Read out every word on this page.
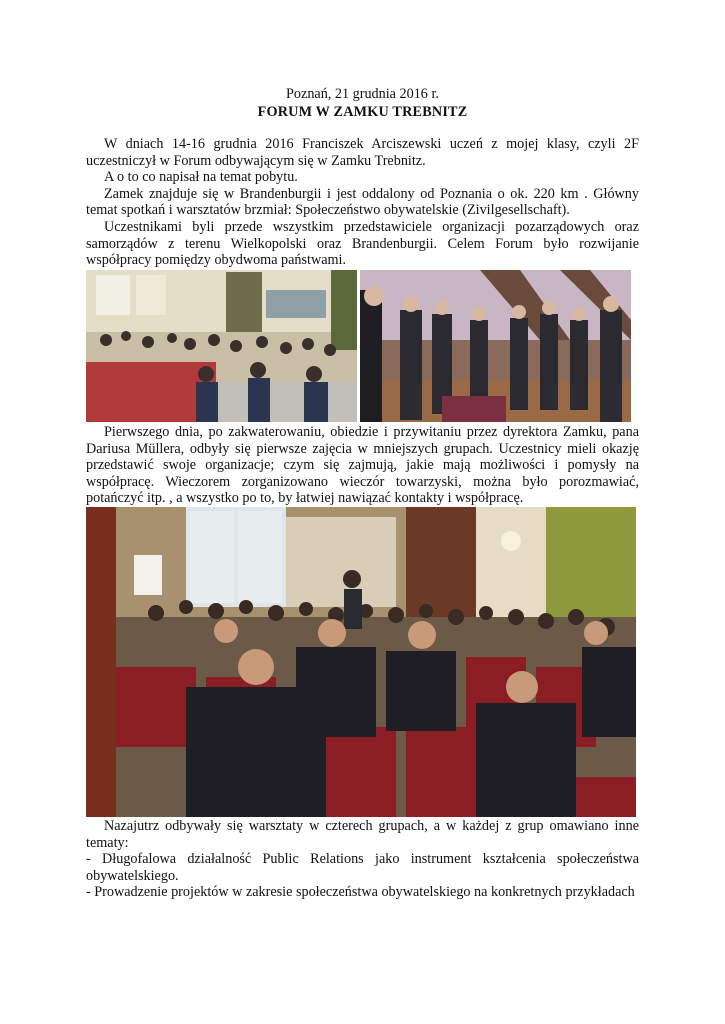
Poznań, 21 grudnia 2016 r.
FORUM W ZAMKU TREBNITZ

W dniach 14-16 grudnia 2016 Franciszek Arciszewski uczeń z mojej klasy, czyli 2F uczestniczył w Forum odbywającym się w Zamku Trebnitz.

A o to co napisał na temat pobytu.

Zamek znajduje się w Brandenburgii i jest oddalony od Poznania o ok. 220 km . Główny temat spotkań i warsztatów brzmiał: Społeczeństwo obywatelskie (Zivilgesellschaft).

Uczestnikami byli przede wszystkim przedstawiciele organizacji pozarządowych oraz samorządów z terenu Wielkopolski oraz Brandenburgii. Celem Forum było rozwijanie współpracy pomiędzy obydwoma państwami.

Pierwszego dnia, po zakwaterowaniu, obiedzie i przywitaniu przez dyrektora Zamku, pana Dariusa Müllera, odbyły się pierwsze zajęcia w mniejszych grupach. Uczestnicy mieli okazję przedstawić swoje organizacje; czym się zajmują, jakie mają możliwości i pomysły na współpracę. Wieczorem zorganizowano wieczór towarzyski, można było porozmawiać, potańczyć itp. , a wszystko po to, by łatwiej nawiązać kontakty i współpracę.

Nazajutrz odbywały się warsztaty w czterech grupach, a w każdej z grup omawiano inne tematy:

- Długofalowa działalność Public Relations jako instrument kształcenia społeczeństwa obywatelskiego.

- Prowadzenie projektów w zakresie społeczeństwa obywatelskiego na konkretnych przykładach
